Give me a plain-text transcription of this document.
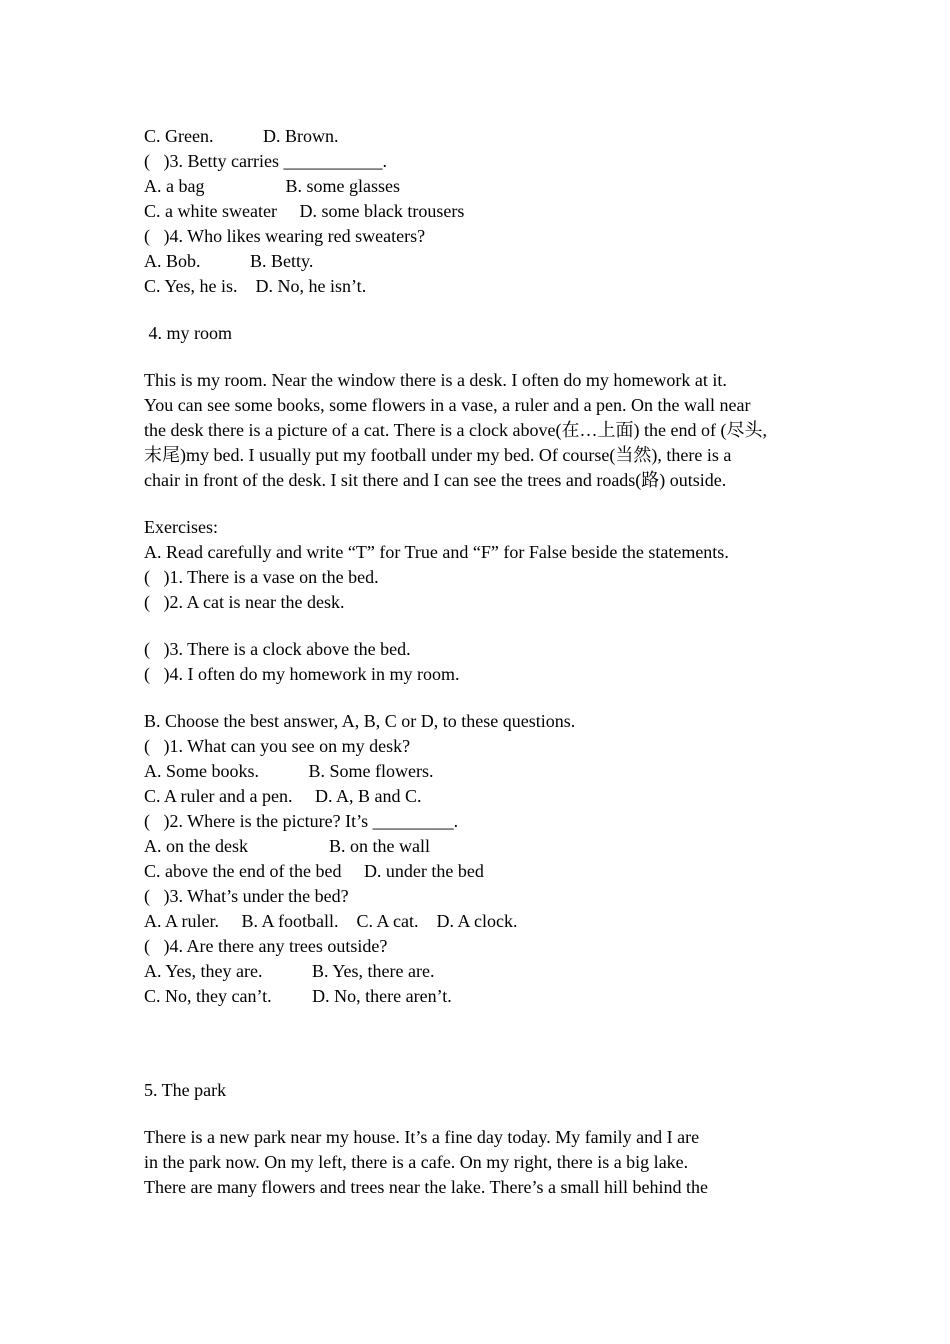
C. Green.           D. Brown.
(   )3. Betty carries ___________.
A. a bag                  B. some glasses
C. a white sweater     D. some black trousers
(   )4. Who likes wearing red sweaters?
A. Bob.           B. Betty.
C. Yes, he is.    D. No, he isn’t.
4. my room
This is my room. Near the window there is a desk. I often do my homework at it.
You can see some books, some flowers in a vase, a ruler and a pen. On the wall near
the desk there is a picture of a cat. There is a clock above(在…上面) the end of (尽头,
末尾)my bed. I usually put my football under my bed. Of course(当然), there is a
chair in front of the desk. I sit there and I can see the trees and roads(路) outside.
Exercises:
A. Read carefully and write “T” for True and “F” for False beside the statements.
(   )1. There is a vase on the bed.
(   )2. A cat is near the desk.
(   )3. There is a clock above the bed.
(   )4. I often do my homework in my room.
B. Choose the best answer, A, B, C or D, to these questions.
(   )1. What can you see on my desk?
A. Some books.           B. Some flowers.
C. A ruler and a pen.     D. A, B and C.
(   )2. Where is the picture? It’s _________.
A. on the desk                  B. on the wall
C. above the end of the bed     D. under the bed
(   )3. What’s under the bed?
A. A ruler.     B. A football.    C. A cat.    D. A clock.
(   )4. Are there any trees outside?
A. Yes, they are.           B. Yes, there are.
C. No, they can’t.         D. No, there aren’t.
5. The park
There is a new park near my house. It’s a fine day today. My family and I are
in the park now. On my left, there is a cafe. On my right, there is a big lake.
There are many flowers and trees near the lake. There’s a small hill behind the
